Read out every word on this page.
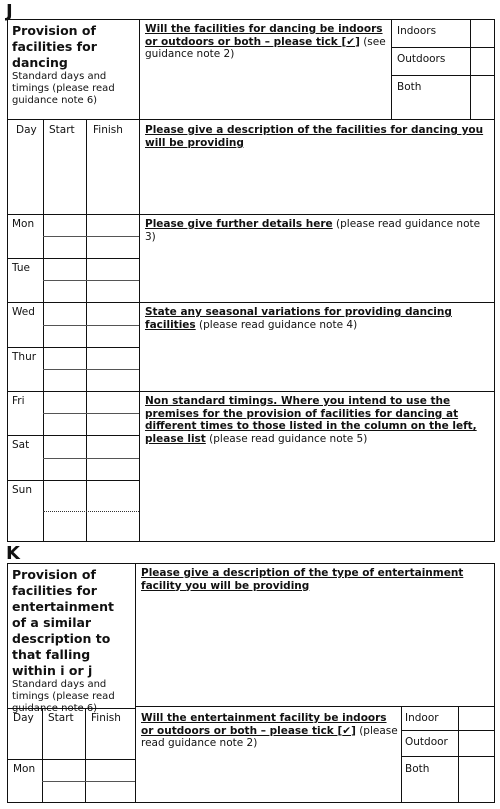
J
Provision of facilities for dancing
Standard days and timings (please read guidance note 6)
Will the facilities for dancing be indoors or outdoors or both – please tick [✔] (see guidance note 2)
Indoors
Outdoors
Both
Day Start Finish
Mon
Tue
Wed
Thur
Fri
Sat
Sun
Please give a description of the facilities for dancing you will be providing
Please give further details here (please read guidance note 3)
State any seasonal variations for providing dancing facilities (please read guidance note 4)
Non standard timings. Where you intend to use the premises for the provision of facilities for dancing at different times to those listed in the column on the left, please list (please read guidance note 5)
K
Provision of facilities for entertainment of a similar description to that falling within i or j
Standard days and timings (please read guidance note 6)
Please give a description of the type of entertainment facility you will be providing
Day Start Finish
Mon
Will the entertainment facility be indoors or outdoors or both – please tick [✔] (please read guidance note 2)
Indoor
Outdoor
Both
